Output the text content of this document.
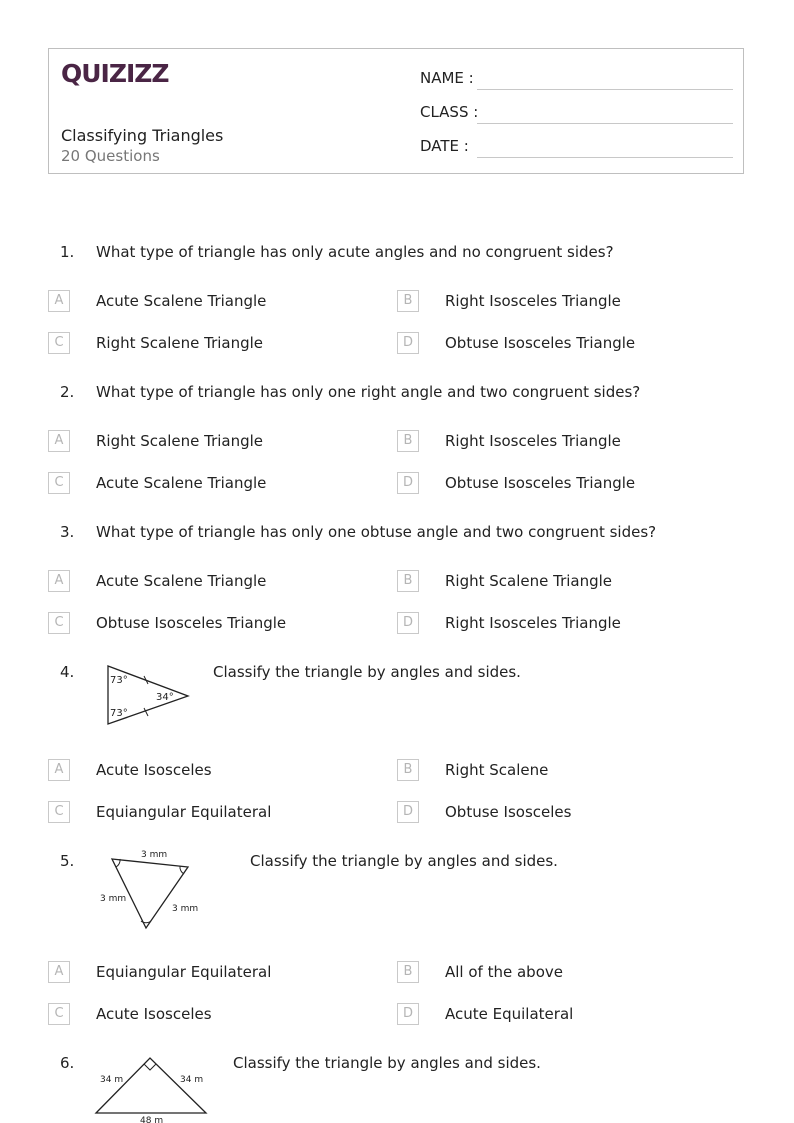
QUIZIZZ
Classifying Triangles
20 Questions
NAME :
CLASS :
DATE :
1. What type of triangle has only acute angles and no congruent sides?
A	Acute Scalene Triangle	B	Right Isosceles Triangle
C	Right Scalene Triangle	D	Obtuse Isosceles Triangle
2. What type of triangle has only one right angle and two congruent sides?
A	Right Scalene Triangle	B	Right Isosceles Triangle
C	Acute Scalene Triangle	D	Obtuse Isosceles Triangle
3. What type of triangle has only one obtuse angle and two congruent sides?
A	Acute Scalene Triangle	B	Right Scalene Triangle
C	Obtuse Isosceles Triangle	D	Right Isosceles Triangle
4.	73°
34°
73°
Classify the triangle by angles and sides.
A	Acute Isosceles	B	Right Scalene
C	Equiangular Equilateral	D	Obtuse Isosceles
5.	3 mm
3 mm
3 mm
Classify the triangle by angles and sides.
A	Equiangular Equilateral	B	All of the above
C	Acute Isosceles	D	Acute Equilateral
6.
34 m	34 m
48 m
Classify the triangle by angles and sides.
